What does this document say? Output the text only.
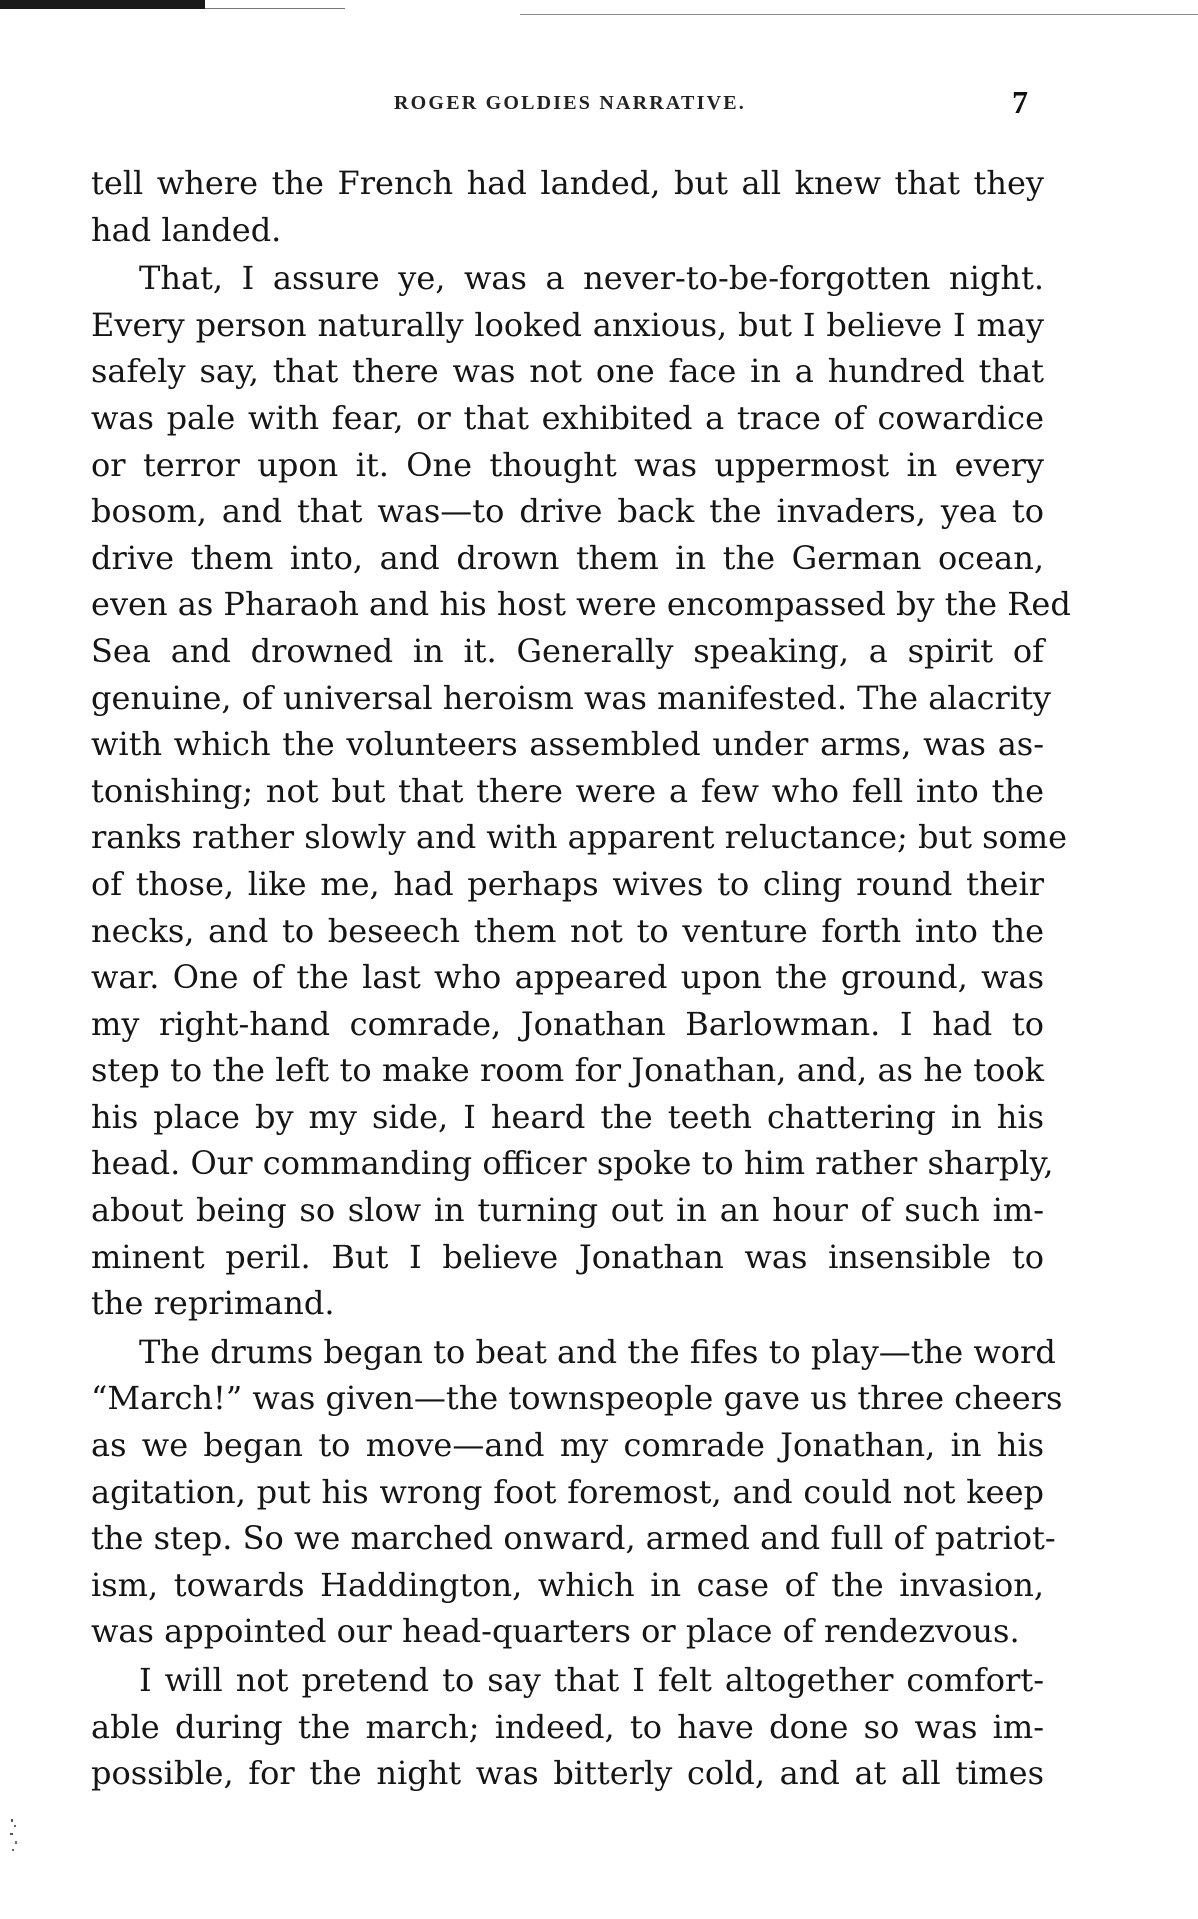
ROGER GOLDIES NARRATIVE.	7
tell where the French had landed, but all knew that they
had landed.
That, I assure ye, was a never-to-be-forgotten night.
Every person naturally looked anxious, but I believe I may
safely say, that there was not one face in a hundred that
was pale with fear, or that exhibited a trace of cowardice
or terror upon it. One thought was uppermost in every
bosom, and that was—to drive back the invaders, yea to
drive them into, and drown them in the German ocean,
even as Pharaoh and his host were encompassed by the Red
Sea and drowned in it. Generally speaking, a spirit of
genuine, of universal heroism was manifested. The alacrity
with which the volunteers assembled under arms, was as-
tonishing; not but that there were a few who fell into the
ranks rather slowly and with apparent reluctance; but some
of those, like me, had perhaps wives to cling round their
necks, and to beseech them not to venture forth into the
war. One of the last who appeared upon the ground, was
my right-hand comrade, Jonathan Barlowman. I had to
step to the left to make room for Jonathan, and, as he took
his place by my side, I heard the teeth chattering in his
head. Our commanding officer spoke to him rather sharply,
about being so slow in turning out in an hour of such im-
minent peril. But I believe Jonathan was insensible to
the reprimand.
The drums began to beat and the fifes to play—the word
“March!” was given—the townspeople gave us three cheers
as we began to move—and my comrade Jonathan, in his
agitation, put his wrong foot foremost, and could not keep
the step. So we marched onward, armed and full of patriot-
ism, towards Haddington, which in case of the invasion,
was appointed our head-quarters or place of rendezvous.
I will not pretend to say that I felt altogether comfort-
able during the march; indeed, to have done so was im-
possible, for the night was bitterly cold, and at all times
